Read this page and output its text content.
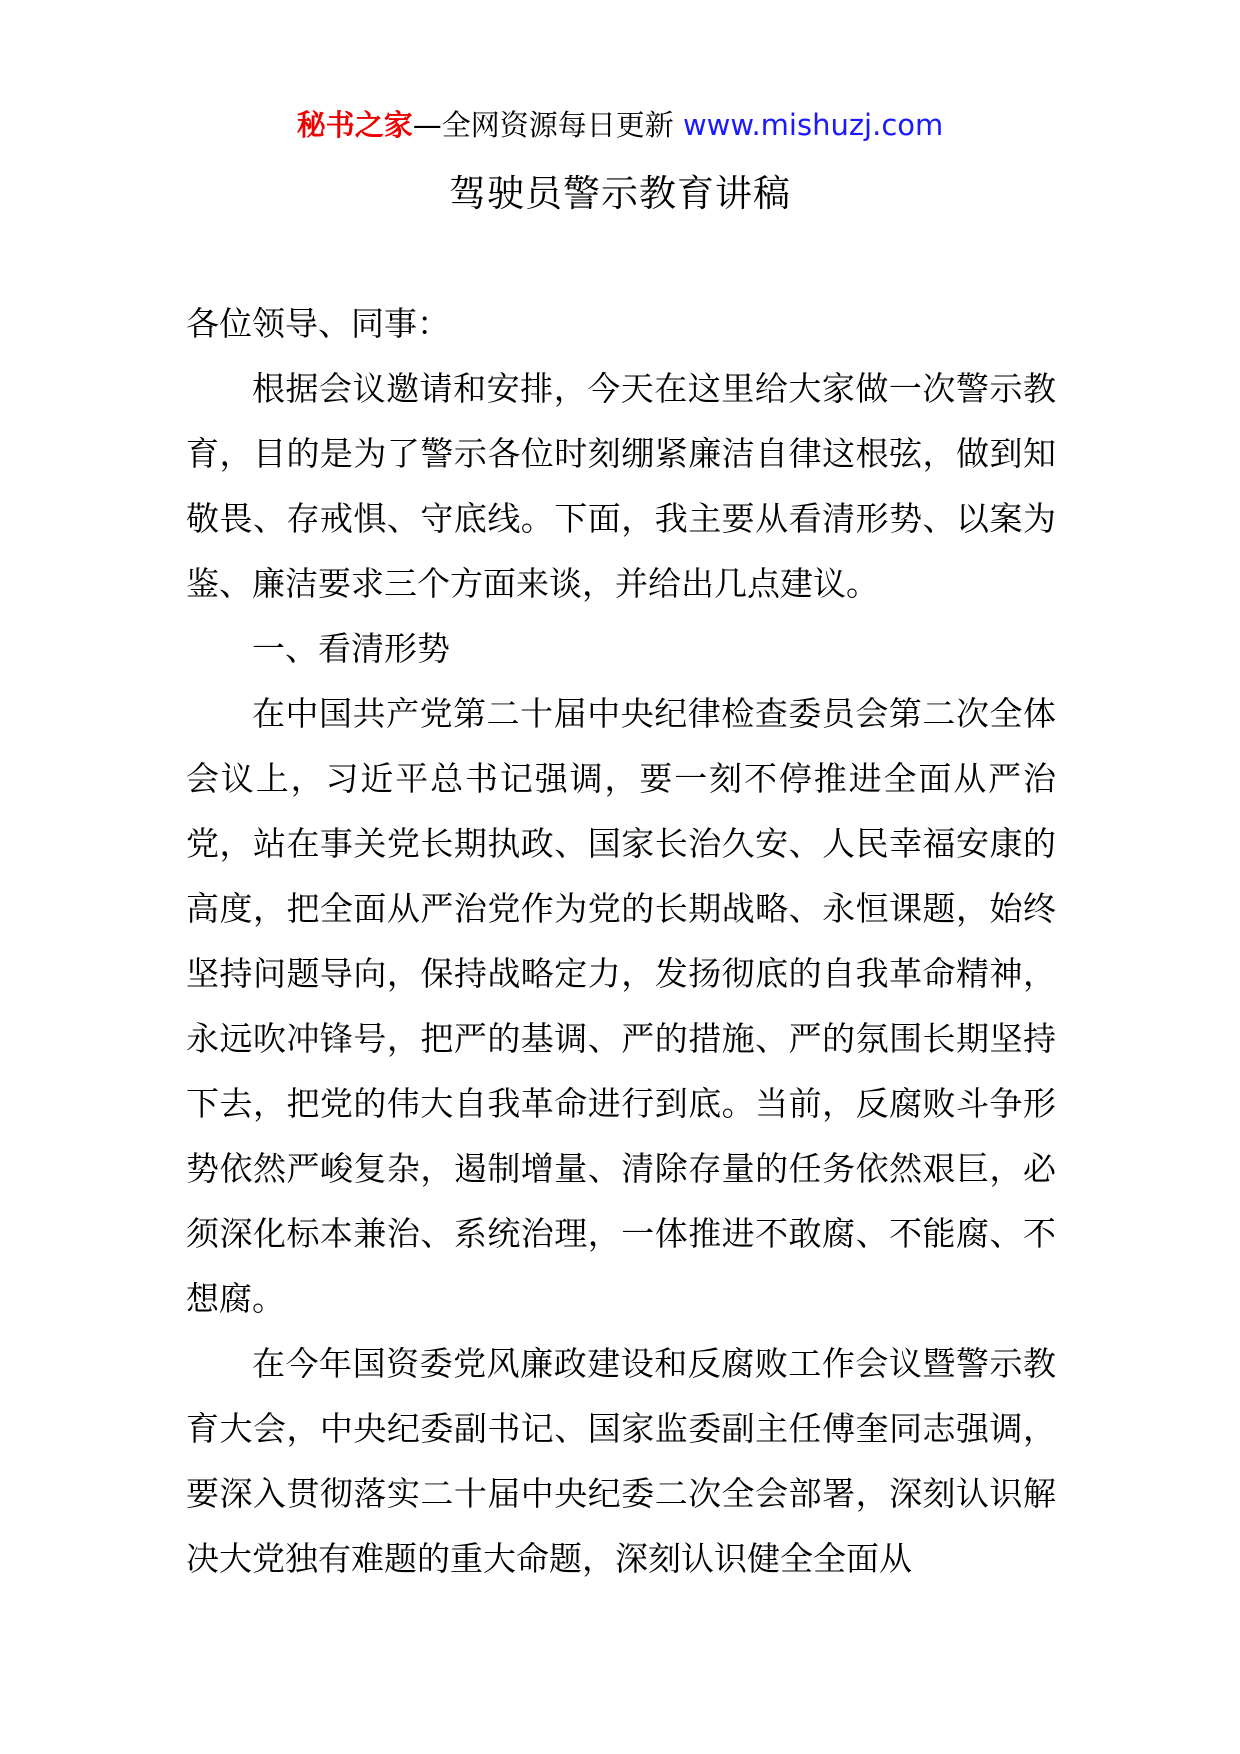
秘书之家—全网资源每日更新 www.mishuzj.com
驾驶员警示教育讲稿

各位领导、同事：

根据会议邀请和安排，今天在这里给大家做一次警示教育，目的是为了警示各位时刻绷紧廉洁自律这根弦，做到知敬畏、存戒惧、守底线。下面，我主要从看清形势、以案为鉴、廉洁要求三个方面来谈，并给出几点建议。

一、看清形势

在中国共产党第二十届中央纪律检查委员会第二次全体会议上，习近平总书记强调，要一刻不停推进全面从严治党，站在事关党长期执政、国家长治久安、人民幸福安康的高度，把全面从严治党作为党的长期战略、永恒课题，始终坚持问题导向，保持战略定力，发扬彻底的自我革命精神，永远吹冲锋号，把严的基调、严的措施、严的氛围长期坚持下去，把党的伟大自我革命进行到底。当前，反腐败斗争形势依然严峻复杂，遏制增量、清除存量的任务依然艰巨，必须深化标本兼治、系统治理，一体推进不敢腐、不能腐、不想腐。

在今年国资委党风廉政建设和反腐败工作会议暨警示教育大会，中央纪委副书记、国家监委副主任傅奎同志强调，要深入贯彻落实二十届中央纪委二次全会部署，深刻认识解决大党独有难题的重大命题，深刻认识健全全面从
